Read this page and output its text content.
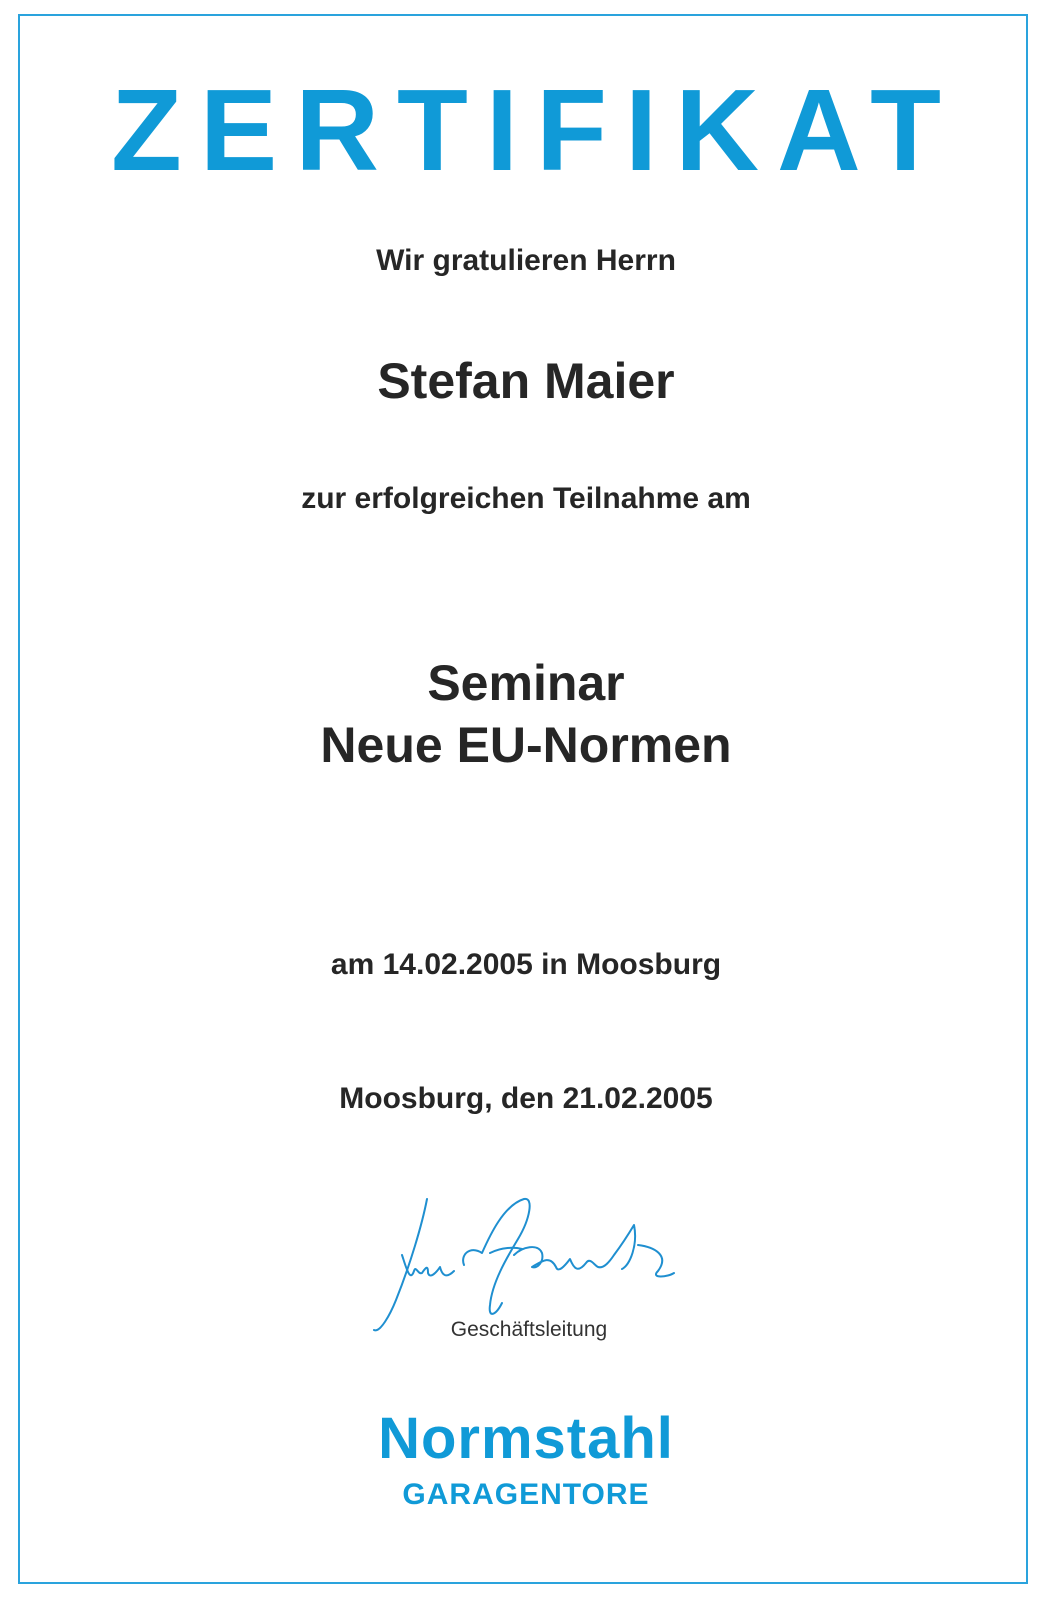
ZERTIFIKAT
Wir gratulieren Herrn
Stefan Maier
zur erfolgreichen Teilnahme am
Seminar
Neue EU-Normen
am 14.02.2005 in Moosburg
Moosburg, den 21.02.2005
Geschäftsleitung
Normstahl
GARAGENTORE
